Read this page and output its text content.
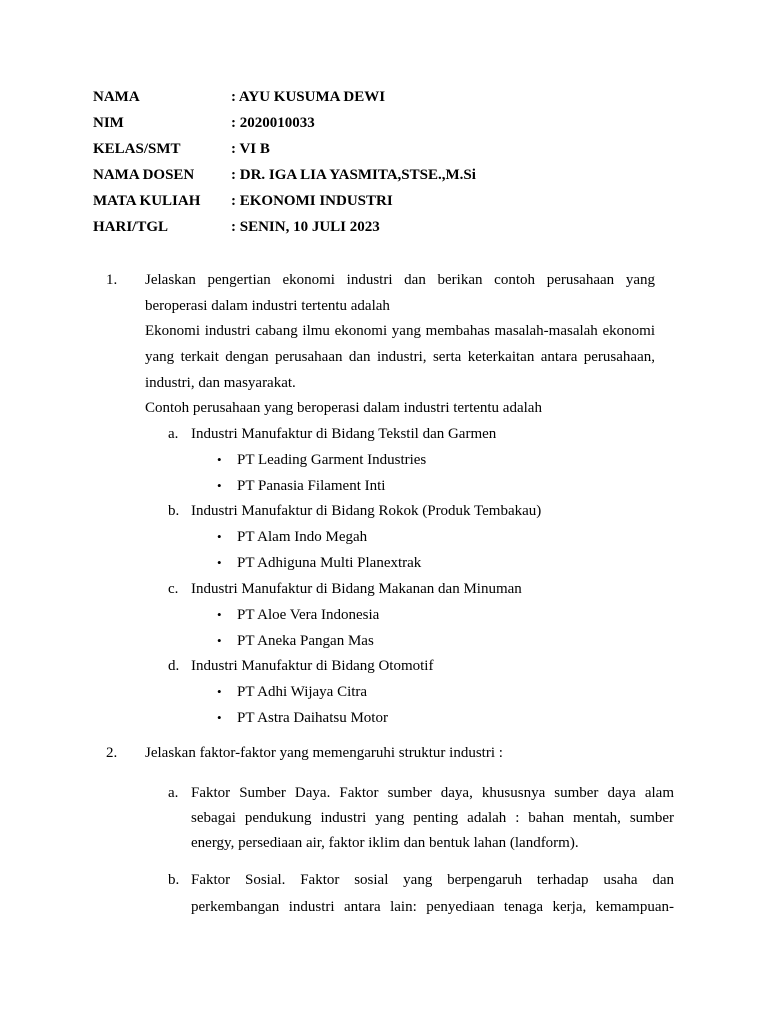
NAMA	: AYU KUSUMA DEWI
NIM	: 2020010033
KELAS/SMT	: VI B
NAMA DOSEN : DR. IGA LIA YASMITA,STSE.,M.Si
MATA KULIAH : EKONOMI INDUSTRI
HARI/TGL	: SENIN, 10 JULI 2023
1. Jelaskan pengertian ekonomi industri dan berikan contoh perusahaan yang
beroperasi dalam industri tertentu adalah
Ekonomi industri cabang ilmu ekonomi yang membahas masalah-masalah ekonomi
yang terkait dengan perusahaan dan industri, serta keterkaitan antara perusahaan,
industri, dan masyarakat.
Contoh perusahaan yang beroperasi dalam industri tertentu adalah
a. Industri Manufaktur di Bidang Tekstil dan Garmen
• PT Leading Garment Industries
• PT Panasia Filament Inti
b. Industri Manufaktur di Bidang Rokok (Produk Tembakau)
• PT Alam Indo Megah
• PT Adhiguna Multi Planextrak
c. Industri Manufaktur di Bidang Makanan dan Minuman
• PT Aloe Vera Indonesia
• PT Aneka Pangan Mas
d. Industri Manufaktur di Bidang Otomotif
• PT Adhi Wijaya Citra
• PT Astra Daihatsu Motor
2. Jelaskan faktor-faktor yang memengaruhi struktur industri :
a. Faktor Sumber Daya. Faktor sumber daya, khususnya sumber daya alam
sebagai pendukung industri yang penting adalah : bahan mentah, sumber
energy, persediaan air, faktor iklim dan bentuk lahan (landform).
b. Faktor Sosial. Faktor sosial yang berpengaruh terhadap usaha dan
perkembangan industri antara lain: penyediaan tenaga kerja, kemampuan-
